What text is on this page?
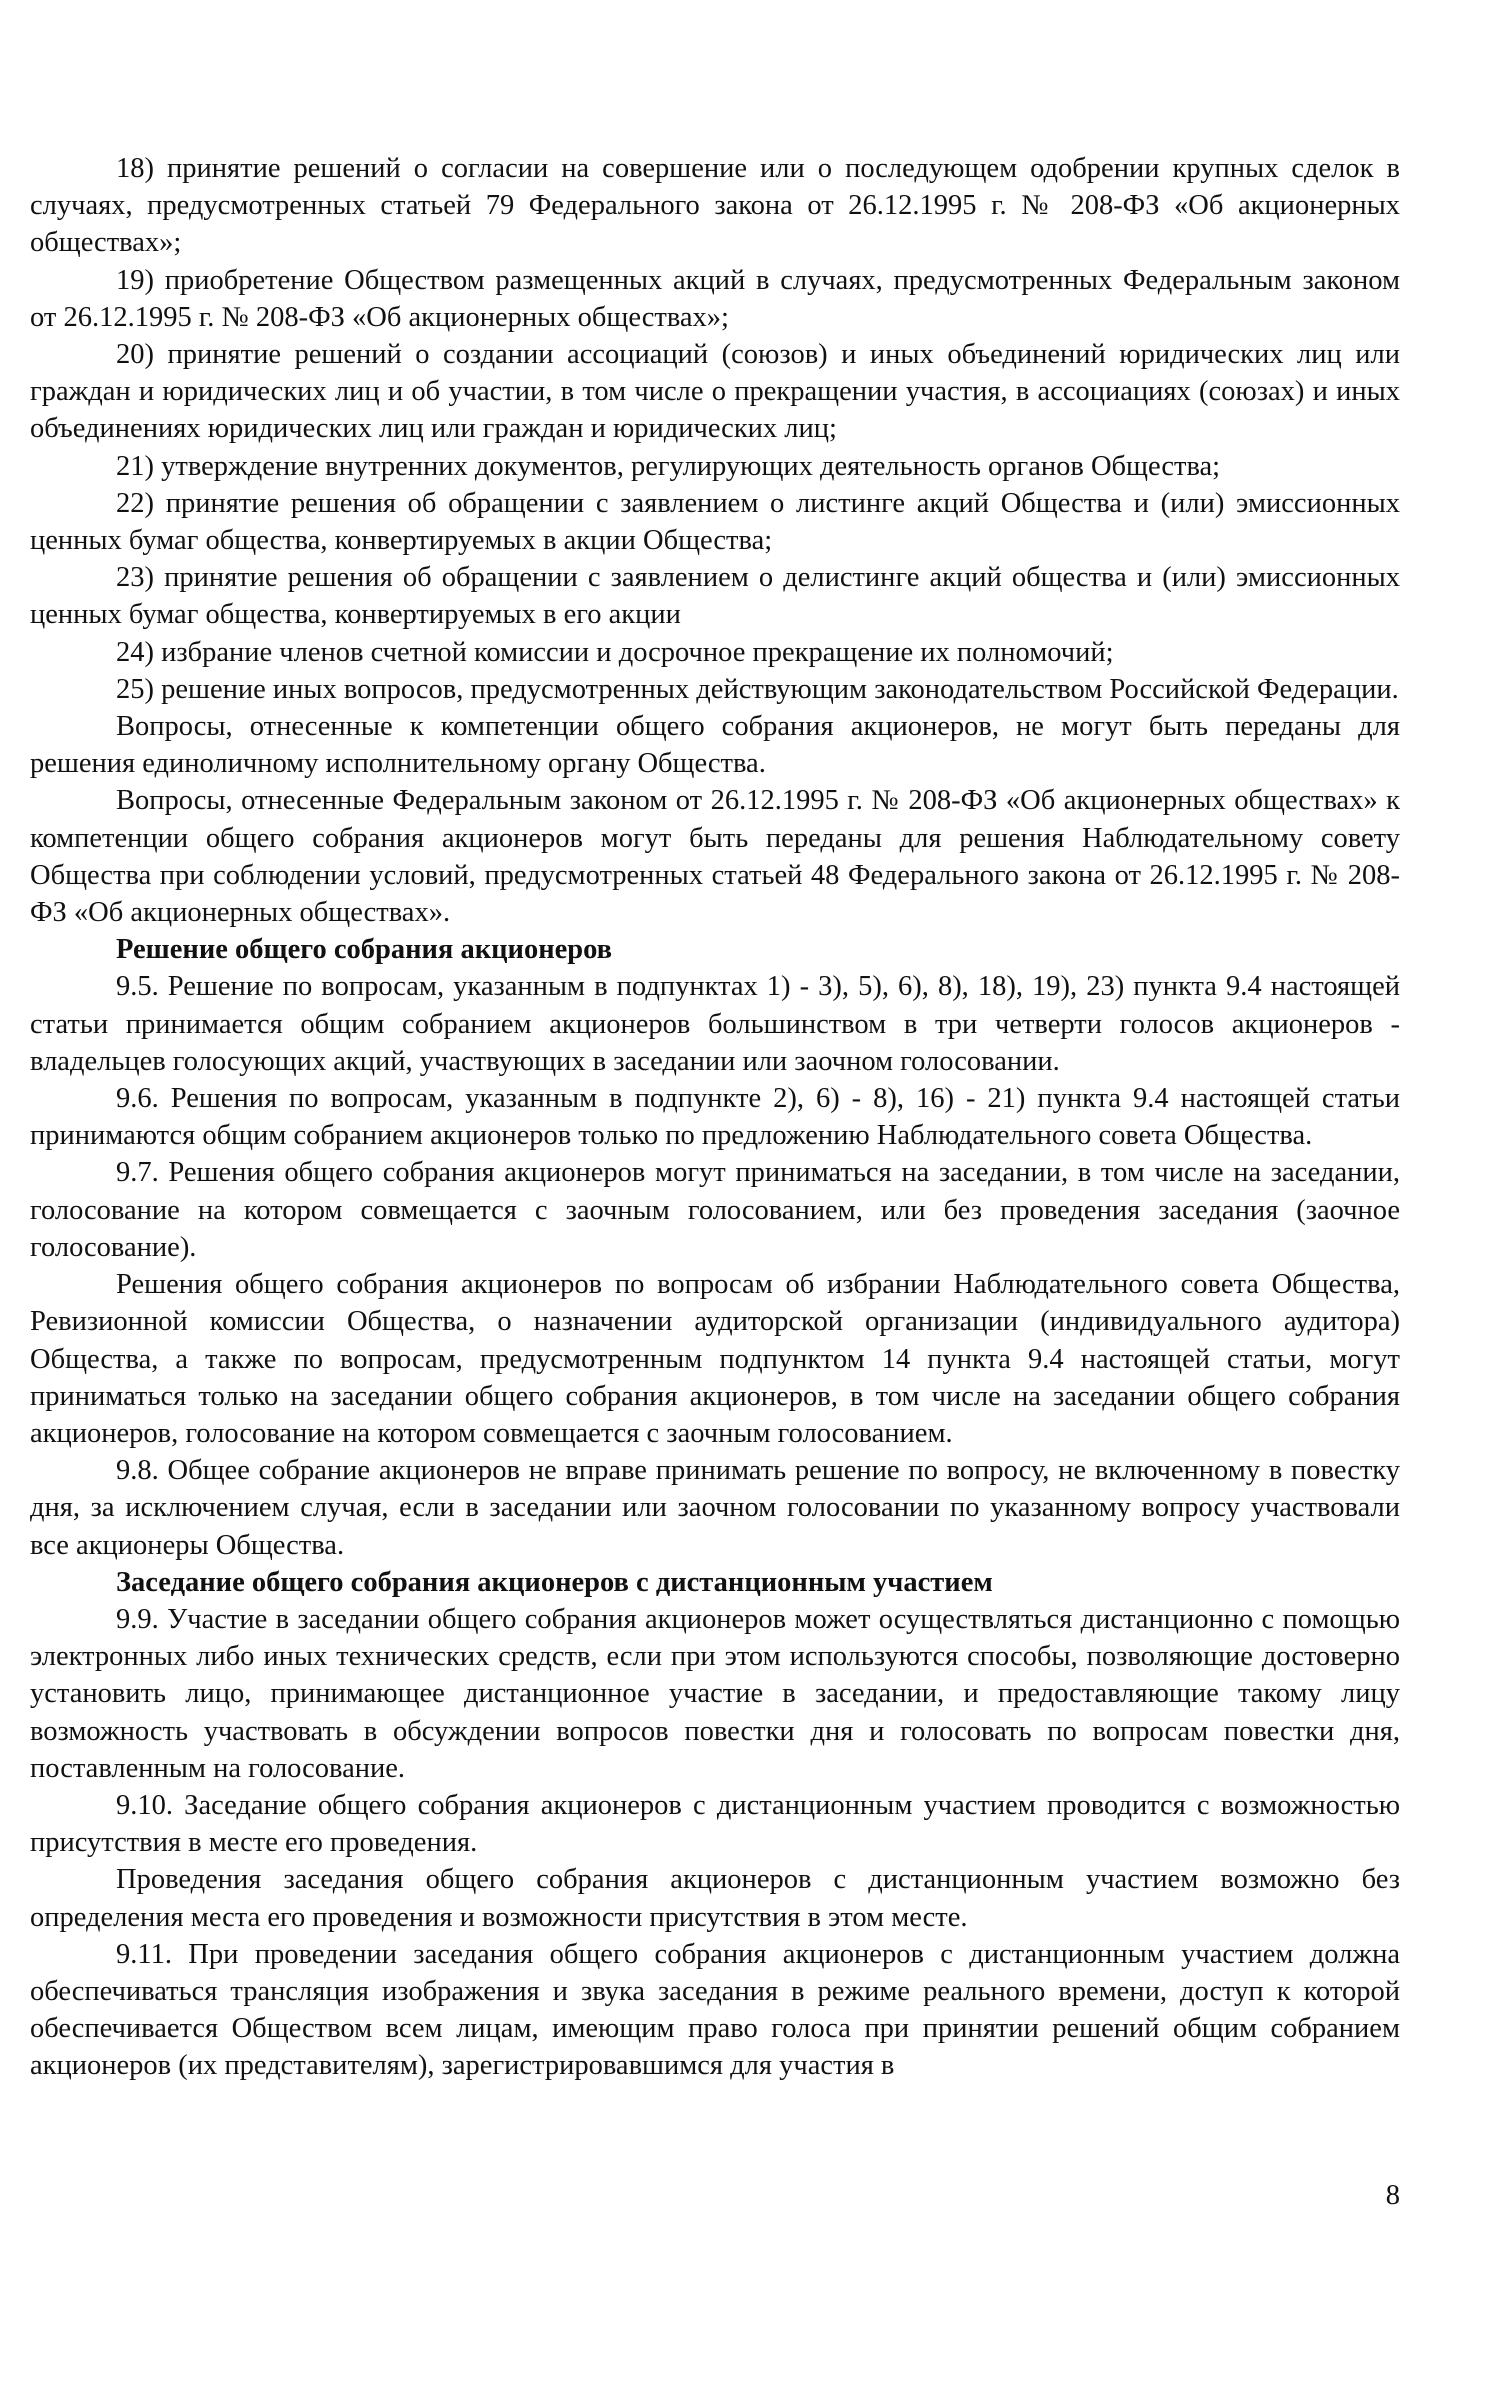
18) принятие решений о согласии на совершение или о последующем одобрении крупных сделок в случаях, предусмотренных статьей 79 Федерального закона от 26.12.1995 г. № 208-ФЗ «Об акционерных обществах»;

19) приобретение Обществом размещенных акций в случаях, предусмотренных Федеральным законом от 26.12.1995 г. № 208-ФЗ «Об акционерных обществах»;

20) принятие решений о создании ассоциаций (союзов) и иных объединений юридических лиц или граждан и юридических лиц и об участии, в том числе о прекращении участия, в ассоциациях (союзах) и иных объединениях юридических лиц или граждан и юридических лиц;

21) утверждение внутренних документов, регулирующих деятельность органов Общества;

22) принятие решения об обращении с заявлением о листинге акций Общества и (или) эмиссионных ценных бумаг общества, конвертируемых в акции Общества;

23) принятие решения об обращении с заявлением о делистинге акций общества и (или) эмиссионных ценных бумаг общества, конвертируемых в его акции

24) избрание членов счетной комиссии и досрочное прекращение их полномочий;

25) решение иных вопросов, предусмотренных действующим законодательством Российской Федерации.

Вопросы, отнесенные к компетенции общего собрания акционеров, не могут быть переданы для решения единоличному исполнительному органу Общества.

Вопросы, отнесенные Федеральным законом от 26.12.1995 г. № 208-ФЗ «Об акционерных обществах» к компетенции общего собрания акционеров могут быть переданы для решения Наблюдательному совету Общества при соблюдении условий, предусмотренных статьей 48 Федерального закона от 26.12.1995 г. № 208-ФЗ «Об акционерных обществах».

Решение общего собрания акционеров

9.5. Решение по вопросам, указанным в подпунктах 1) - 3), 5), 6), 8), 18), 19), 23) пункта 9.4 настоящей статьи принимается общим собранием акционеров большинством в три четверти голосов акционеров - владельцев голосующих акций, участвующих в заседании или заочном голосовании.

9.6. Решения по вопросам, указанным в подпункте 2), 6) - 8), 16) - 21) пункта 9.4 настоящей статьи принимаются общим собранием акционеров только по предложению Наблюдательного совета Общества.

9.7. Решения общего собрания акционеров могут приниматься на заседании, в том числе на заседании, голосование на котором совмещается с заочным голосованием, или без проведения заседания (заочное голосование).

Решения общего собрания акционеров по вопросам об избрании Наблюдательного совета Общества, Ревизионной комиссии Общества, о назначении аудиторской организации (индивидуального аудитора) Общества, а также по вопросам, предусмотренным подпунктом 14 пункта 9.4 настоящей статьи, могут приниматься только на заседании общего собрания акционеров, в том числе на заседании общего собрания акционеров, голосование на котором совмещается с заочным голосованием.

9.8. Общее собрание акционеров не вправе принимать решение по вопросу, не включенному в повестку дня, за исключением случая, если в заседании или заочном голосовании по указанному вопросу участвовали все акционеры Общества.

Заседание общего собрания акционеров с дистанционным участием

9.9. Участие в заседании общего собрания акционеров может осуществляться дистанционно с помощью электронных либо иных технических средств, если при этом используются способы, позволяющие достоверно установить лицо, принимающее дистанционное участие в заседании, и предоставляющие такому лицу возможность участвовать в обсуждении вопросов повестки дня и голосовать по вопросам повестки дня, поставленным на голосование.

9.10. Заседание общего собрания акционеров с дистанционным участием проводится с возможностью присутствия в месте его проведения.

Проведения заседания общего собрания акционеров с дистанционным участием возможно без определения места его проведения и возможности присутствия в этом месте.

9.11. При проведении заседания общего собрания акционеров с дистанционным участием должна обеспечиваться трансляция изображения и звука заседания в режиме реального времени, доступ к которой обеспечивается Обществом всем лицам, имеющим право голоса при принятии решений общим собранием акционеров (их представителям), зарегистрировавшимся для участия в

8
